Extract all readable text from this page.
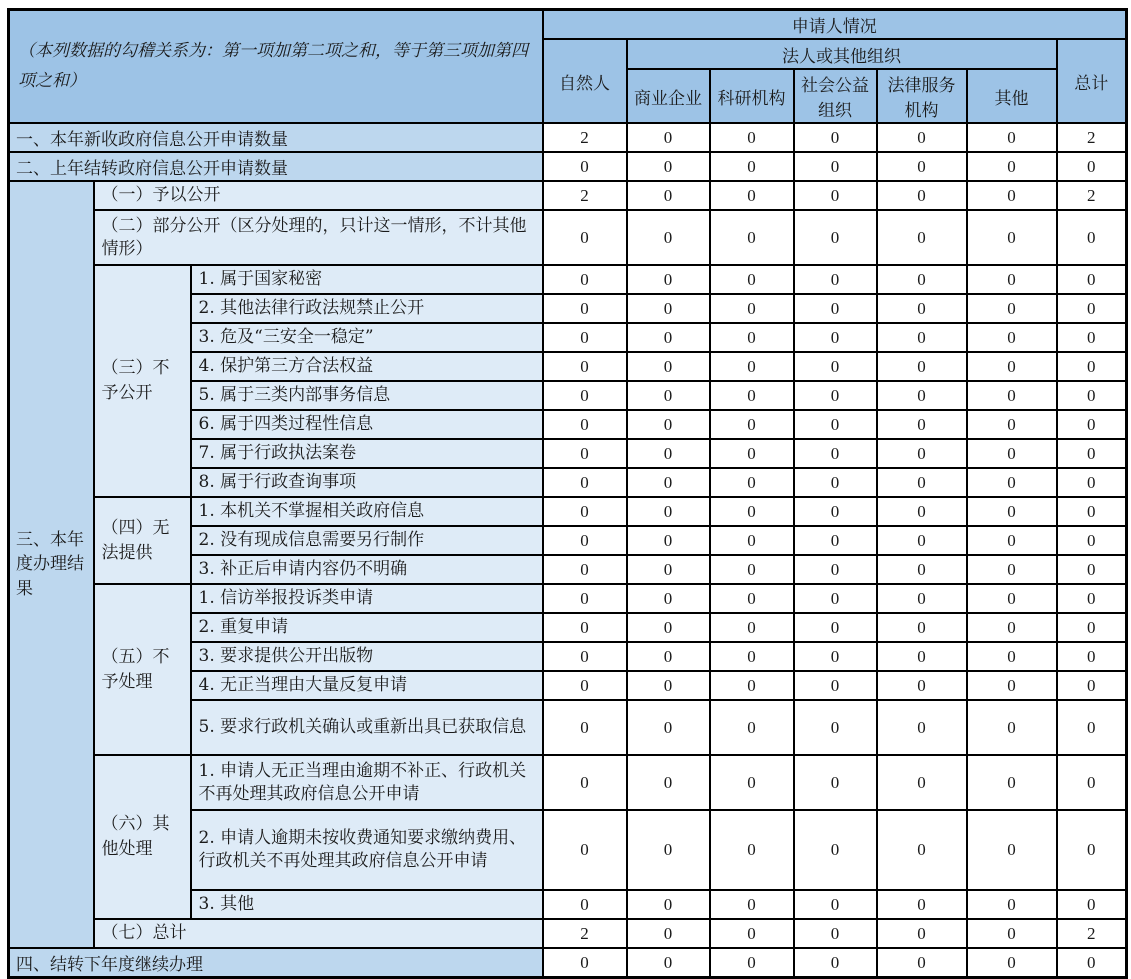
（本列数据的勾稽关系为：第一项加第二项之和，等于第三项加第四项之和）			申请人情况						
			自然人	法人或其他组织					总计
				商业企业	科研机构	社会公益组织	法律服务机构	其他	
一、本年新收政府信息公开申请数量			2	0	0	0	0	0	2
二、上年结转政府信息公开申请数量			0	0	0	0	0	0	0
三、本年度办理结果	（一）予以公开		2	0	0	0	0	0	2
	（二）部分公开（区分处理的，只计这一情形，不计其他情形）		0	0	0	0	0	0	0
	（三）不予公开	1. 属于国家秘密	0	0	0	0	0	0	0
		2. 其他法律行政法规禁止公开	0	0	0	0	0	0	0
		3. 危及“三安全一稳定”	0	0	0	0	0	0	0
		4. 保护第三方合法权益	0	0	0	0	0	0	0
		5. 属于三类内部事务信息	0	0	0	0	0	0	0
		6. 属于四类过程性信息	0	0	0	0	0	0	0
		7. 属于行政执法案卷	0	0	0	0	0	0	0
		8. 属于行政查询事项	0	0	0	0	0	0	0
	（四）无法提供	1. 本机关不掌握相关政府信息	0	0	0	0	0	0	0
		2. 没有现成信息需要另行制作	0	0	0	0	0	0	0
		3. 补正后申请内容仍不明确	0	0	0	0	0	0	0
	（五）不予处理	1. 信访举报投诉类申请	0	0	0	0	0	0	0
		2. 重复申请	0	0	0	0	0	0	0
		3. 要求提供公开出版物	0	0	0	0	0	0	0
		4. 无正当理由大量反复申请	0	0	0	0	0	0	0
		5. 要求行政机关确认或重新出具已获取信息	0	0	0	0	0	0	0
	（六）其他处理	1. 申请人无正当理由逾期不补正、行政机关不再处理其政府信息公开申请	0	0	0	0	0	0	0
		2. 申请人逾期未按收费通知要求缴纳费用、行政机关不再处理其政府信息公开申请	0	0	0	0	0	0	0
		3. 其他	0	0	0	0	0	0	0
	（七）总计		2	0	0	0	0	0	2
四、结转下年度继续办理			0	0	0	0	0	0	0
